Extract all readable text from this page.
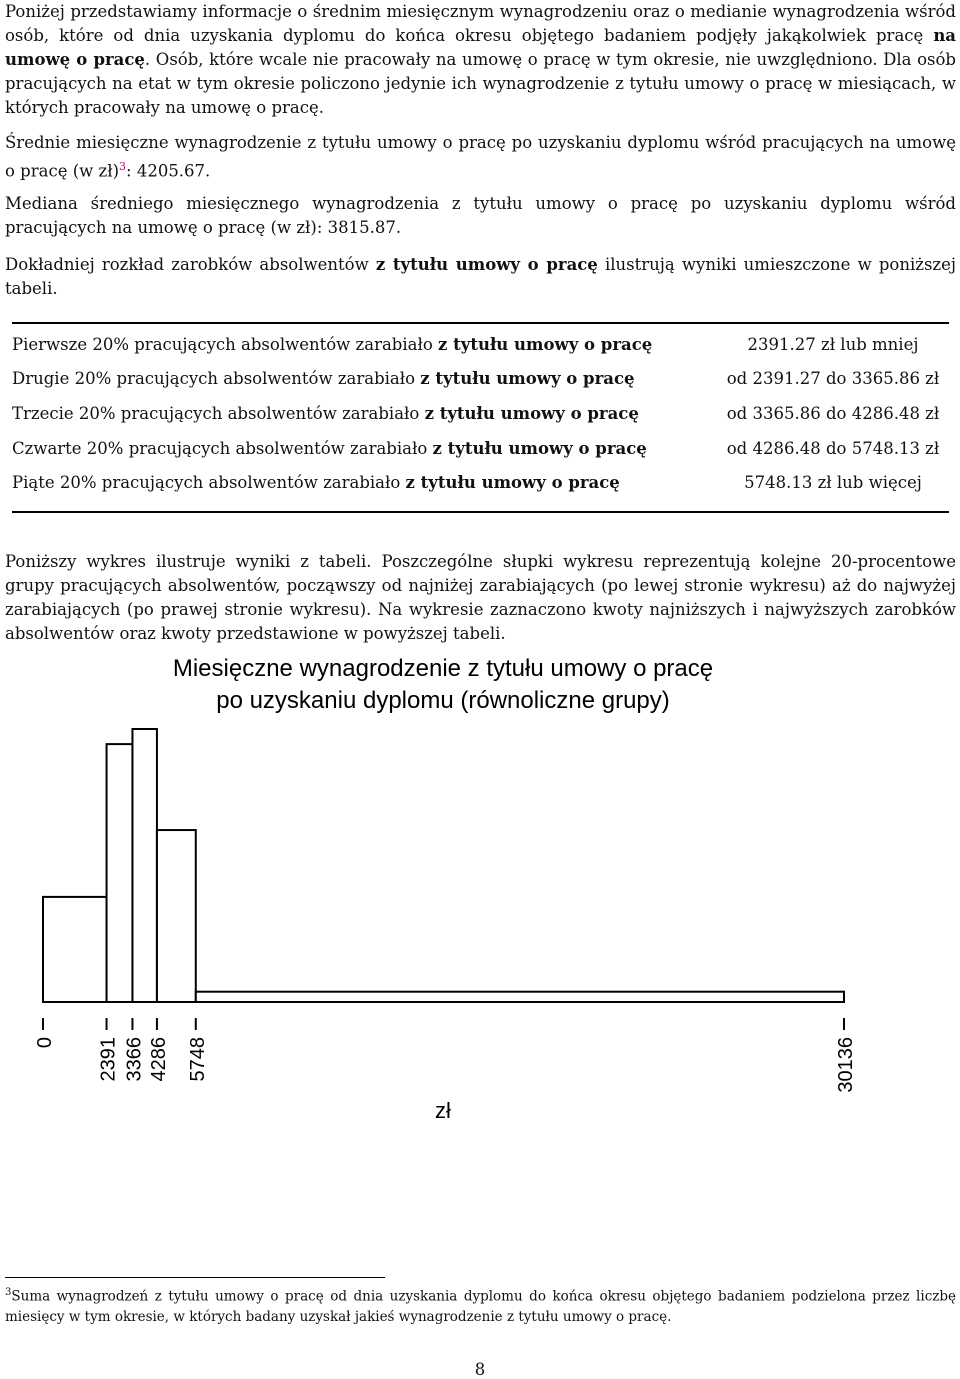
Poniżej przedstawiamy informacje o średnim miesięcznym wynagrodzeniu oraz o medianie wynagrodzenia wśród osób, które od dnia uzyskania dyplomu do końca okresu objętego badaniem podjęły jakąkolwiek pracę na umowę o pracę. Osób, które wcale nie pracowały na umowę o pracę w tym okresie, nie uwzględniono. Dla osób pracujących na etat w tym okresie policzono jedynie ich wynagrodzenie z tytułu umowy o pracę w miesiącach, w których pracowały na umowę o pracę.
Średnie miesięczne wynagrodzenie z tytułu umowy o pracę po uzyskaniu dyplomu wśród pracujących na umowę o pracę (w zł)$^3$: 4205.67.
Mediana średniego miesięcznego wynagrodzenia z tytułu umowy o pracę po uzyskaniu dyplomu wśród pracujących na umowę o pracę (w zł): 3815.87.
Dokładniej rozkład zarobków absolwentów z tytułu umowy o pracę ilustrują wyniki umieszczone w poniższej tabeli.
Pierwsze 20% pracujących absolwentów zarabiało z tytułu umowy o pracę	2391.27 zł lub mniej
Drugie 20% pracujących absolwentów zarabiało z tytułu umowy o pracę	od 2391.27 do 3365.86 zł
Trzecie 20% pracujących absolwentów zarabiało z tytułu umowy o pracę	od 3365.86 do 4286.48 zł
Czwarte 20% pracujących absolwentów zarabiało z tytułu umowy o pracę	od 4286.48 do 5748.13 zł
Piąte 20% pracujących absolwentów zarabiało z tytułu umowy o pracę	5748.13 zł lub więcej
Poniższy wykres ilustruje wyniki z tabeli. Poszczególne słupki wykresu reprezentują kolejne 20-procentowe grupy pracujących absolwentów, począwszy od najniżej zarabiających (po lewej stronie wykresu) aż do najwyżej zarabiających (po prawej stronie wykresu). Na wykresie zaznaczono kwoty najniższych i najwyższych zarobków absolwentów oraz kwoty przedstawione w powyższej tabeli.
Miesięczne wynagrodzenie z tytułu umowy o pracę
po uzyskaniu dyplomu (równoliczne grupy)
0 2391 3366 4286 5748	30136
zł
$^3$Suma wynagrodzeń z tytułu umowy o pracę od dnia uzyskania dyplomu do końca okresu objętego badaniem podzielona przez liczbę miesięcy w tym okresie, w których badany uzyskał jakieś wynagrodzenie z tytułu umowy o pracę.
8
